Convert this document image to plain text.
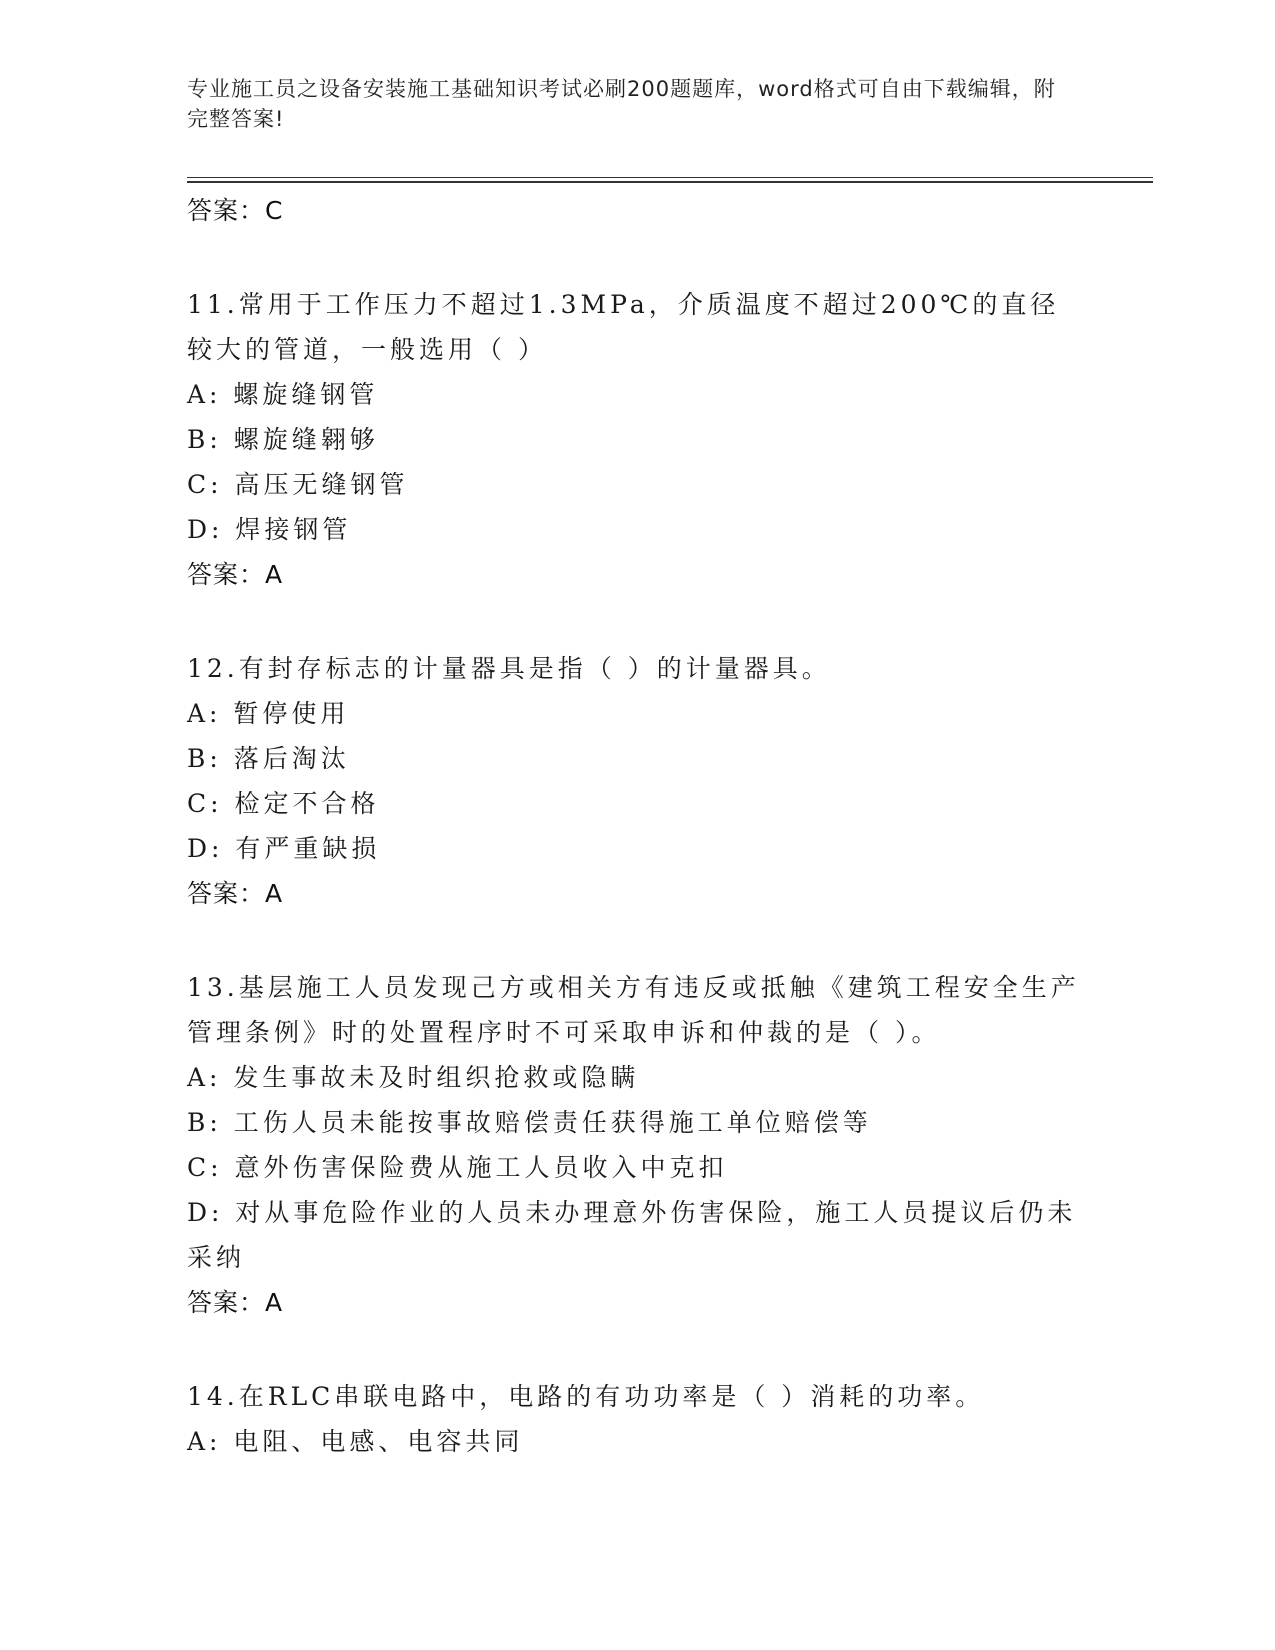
专业施工员之设备安装施工基础知识考试必刷200题题库，word格式可自由下载编辑，附完整答案!
答案：C
11.常用于工作压力不超过1.3MPa，介质温度不超过200℃的直径较大的管道，一般选用（ ）
A: 螺旋缝钢管
B: 螺旋缝翱够
C: 高压无缝钢管
D: 焊接钢管
答案：A
12.有封存标志的计量器具是指（ ）的计量器具。
A: 暂停使用
B: 落后淘汰
C: 检定不合格
D: 有严重缺损
答案：A
13.基层施工人员发现己方或相关方有违反或抵触《建筑工程安全生产管理条例》时的处置程序时不可采取申诉和仲裁的是（ ）。
A: 发生事故未及时组织抢救或隐瞒
B: 工伤人员未能按事故赔偿责任获得施工单位赔偿等
C: 意外伤害保险费从施工人员收入中克扣
D: 对从事危险作业的人员未办理意外伤害保险，施工人员提议后仍未采纳
答案：A
14.在RLC串联电路中，电路的有功功率是（ ）消耗的功率。
A: 电阻、电感、电容共同
